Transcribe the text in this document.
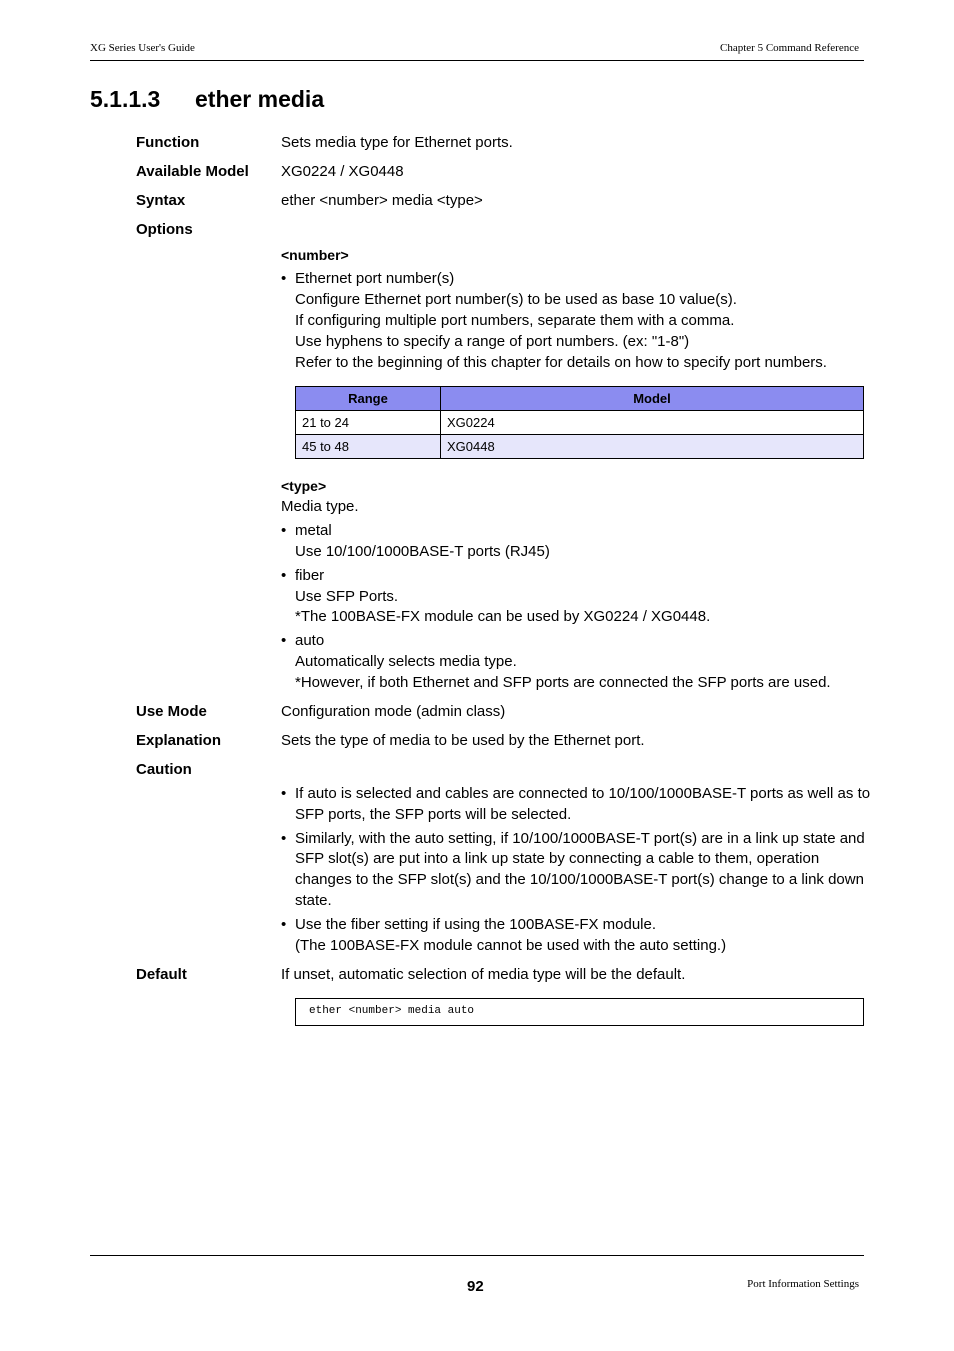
XG Series User's Guide	Chapter 5 Command Reference
5.1.1.3 ether media
Function	Sets media type for Ethernet ports.
Available Model XG0224 / XG0448
Syntax	ether <number> media <type>
Options
<number>
• Ethernet port number(s)
Configure Ethernet port number(s) to be used as base 10 value(s).
If configuring multiple port numbers, separate them with a comma.
Use hyphens to specify a range of port numbers. (ex: "1-8")
Refer to the beginning of this chapter for details on how to specify port numbers.
Range	Model
21 to 24	XG0224
45 to 48	XG0448
<type>
Media type.
• metal
Use 10/100/1000BASE-T ports (RJ45)
• fiber
Use SFP Ports.
*The 100BASE-FX module can be used by XG0224 / XG0448.
• auto
Automatically selects media type.
*However, if both Ethernet and SFP ports are connected the SFP ports are used.
Use Mode	Configuration mode (admin class)
Explanation	Sets the type of media to be used by the Ethernet port.
Caution
• If auto is selected and cables are connected to 10/100/1000BASE-T ports as well as to
SFP ports, the SFP ports will be selected.
• Similarly, with the auto setting, if 10/100/1000BASE-T port(s) are in a link up state and
SFP slot(s) are put into a link up state by connecting a cable to them, operation
changes to the SFP slot(s) and the 10/100/1000BASE-T port(s) change to a link down
state.
• Use the fiber setting if using the 100BASE-FX module.
(The 100BASE-FX module cannot be used with the auto setting.)
Default	If unset, automatic selection of media type will be the default.
ether <number> media auto
92	Port Information Settings
